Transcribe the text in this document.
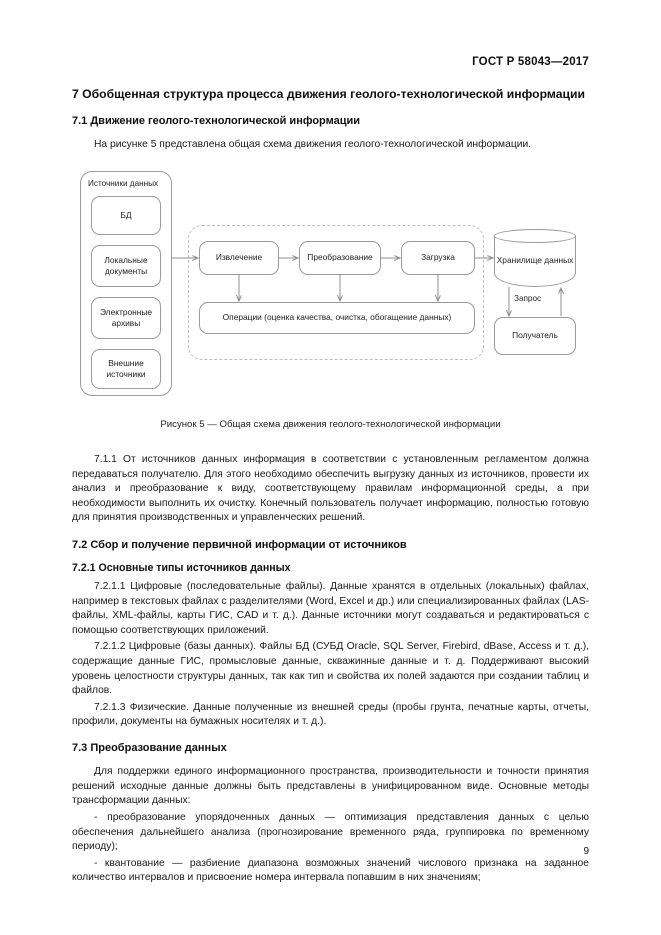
ГОСТ Р 58043—2017
7 Обобщенная структура процесса движения геолого-технологической информации
7.1 Движение геолого-технологической информации

На рисунке 5 представлена общая схема движения геолого-технологической информации.

Источники данных
БД
Локальные документы
Электронные архивы
Внешние источники
Извлечение	Преобразование	Загрузка
Операции (оценка качества, очистка, обогащение данных)
Хранилище данных
Запрос
Получатель
Рисунок 5 — Общая схема движения геолого-технологической информации

7.1.1 От источников данных информация в соответствии с установленным регламентом должна передаваться получателю. Для этого необходимо обеспечить выгрузку данных из источников, провести их анализ и преобразование к виду, соответствующему правилам информационной среды, а при необходимости выполнить их очистку. Конечный пользователь получает информацию, полностью готовую для принятия производственных и управленческих решений.

7.2 Сбор и получение первичной информации от источников
7.2.1 Основные типы источников данных

7.2.1.1 Цифровые (последовательные файлы). Данные хранятся в отдельных (локальных) файлах, например в текстовых файлах с разделителями (Word, Excel и др.) или специализированных файлах (LAS-файлы, XML-файлы, карты ГИС, CAD и т. д.). Данные источники могут создаваться и редактироваться с помощью соответствующих приложений.

7.2.1.2 Цифровые (базы данных). Файлы БД (СУБД Oracle, SQL Server, Firebird, dBase, Access и т. д.), содержащие данные ГИС, промысловые данные, скважинные данные и т. д. Поддерживают высокий уровень целостности структуры данных, так как тип и свойства их полей задаются при создании таблиц и файлов.

7.2.1.3 Физические. Данные полученные из внешней среды (пробы грунта, печатные карты, отчеты, профили, документы на бумажных носителях и т. д.).

7.3 Преобразование данных

Для поддержки единого информационного пространства, производительности и точности принятия решений исходные данные должны быть представлены в унифицированном виде. Основные методы трансформации данных:

- преобразование упорядоченных данных — оптимизация представления данных с целью обеспечения дальнейшего анализа (прогнозирование временного ряда, группировка по временному периоду);

- квантование — разбиение диапазона возможных значений числового признака на заданное количество интервалов и присвоение номера интервала попавшим в них значениям;

9
